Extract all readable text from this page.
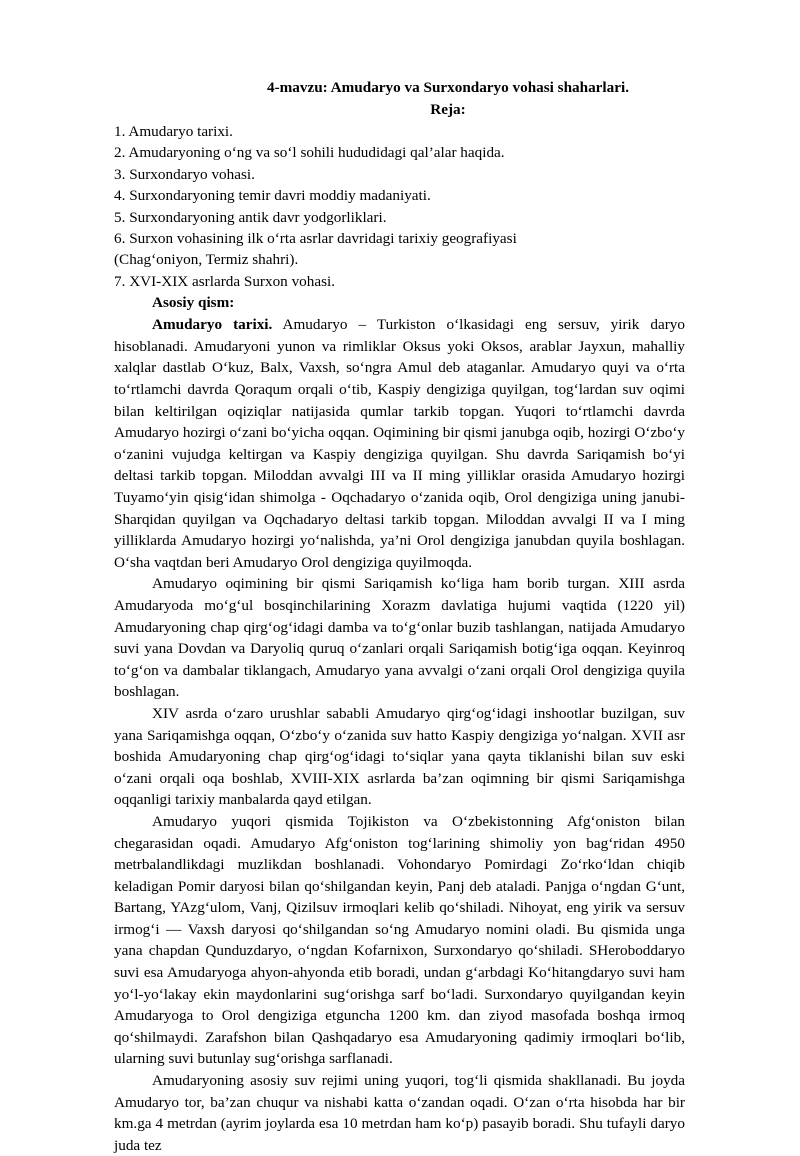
4-mavzu: Amudaryo va Surxondaryo vohasi shaharlari.
Reja:
1. Amudaryo tarixi.
2. Amudaryoning o‘ng va so‘l sohili hududidagi qal’alar haqida.
3. Surxondaryo vohasi.
4. Surxondaryoning temir davri moddiy madaniyati.
5. Surxondaryoning antik davr yodgorliklari.
6. Surxon vohasining ilk o‘rta asrlar davridagi tarixiy geografiyasi
(Chag‘oniyon, Termiz shahri).
7. XVI-XIX asrlarda Surxon vohasi.

Asosiy qism:

Amudaryo tarixi. Amudaryo – Turkiston o‘lkasidagi eng sersuv, yirik daryo hisoblanadi. Amudaryoni yunon va rimliklar Oksus yoki Oksos, arablar Jayxun, mahalliy xalqlar dastlab O‘kuz, Balx, Vaxsh, so‘ngra Amul deb ataganlar. Amudaryo quyi va o‘rta to‘rtlamchi davrda Qoraqum orqali o‘tib, Kaspiy dengiziga quyilgan, tog‘lardan suv oqimi bilan keltirilgan oqiziqlar natijasida qumlar tarkib topgan. Yuqori to‘rtlamchi davrda Amudaryo hozirgi o‘zani bo‘yicha oqqan. Oqimining bir qismi janubga oqib, hozirgi O‘zbo‘y o‘zanini vujudga keltirgan va Kaspiy dengiziga quyilgan. Shu davrda Sariqamish bo‘yi deltasi tarkib topgan. Miloddan avvalgi III va II ming yilliklar orasida Amudaryo hozirgi Tuyamo‘yin qisig‘idan shimolga - Oqchadaryo o‘zanida oqib, Orol dengiziga uning janubi-Sharqidan quyilgan va Oqchadaryo deltasi tarkib topgan. Miloddan avvalgi II va I ming yilliklarda Amudaryo hozirgi yo‘nalishda, ya’ni Orol dengiziga janubdan quyila boshlagan. O‘sha vaqtdan beri Amudaryo Orol dengiziga quyilmoqda.

Amudaryo oqimining bir qismi Sariqamish ko‘liga ham borib turgan. XIII asrda Amudaryoda mo‘g‘ul bosqinchilarining Xorazm davlatiga hujumi vaqtida (1220 yil) Amudaryoning chap qirg‘og‘idagi damba va to‘g‘onlar buzib tashlangan, natijada Amudaryo suvi yana Dovdan va Daryoliq quruq o‘zanlari orqali Sariqamish botig‘iga oqqan. Keyinroq to‘g‘on va dambalar tiklangach, Amudaryo yana avvalgi o‘zani orqali Orol dengiziga quyila boshlagan.

XIV asrda o‘zaro urushlar sababli Amudaryo qirg‘og‘idagi inshootlar buzilgan, suv yana Sariqamishga oqqan, O‘zbo‘y o‘zanida suv hatto Kaspiy dengiziga yo‘nalgan. XVII asr boshida Amudaryoning chap qirg‘og‘idagi to‘siqlar yana qayta tiklanishi bilan suv eski o‘zani orqali oqa boshlab, XVIII-XIX asrlarda ba’zan oqimning bir qismi Sariqamishga oqqanligi tarixiy manbalarda qayd etilgan.

Amudaryo yuqori qismida Tojikiston va O‘zbekistonning Afg‘oniston bilan chegarasidan oqadi. Amudaryo Afg‘oniston tog‘larining shimoliy yon bag‘ridan 4950 metrbalandlikdagi muzlikdan boshlanadi. Vohondaryo Pomirdagi Zo‘rko‘ldan chiqib keladigan Pomir daryosi bilan qo‘shilgandan keyin, Panj deb ataladi. Panjga o‘ngdan G‘unt, Bartang, YAzg‘ulom, Vanj, Qizilsuv irmoqlari kelib qo‘shiladi. Nihoyat, eng yirik va sersuv irmog‘i — Vaxsh daryosi qo‘shilgandan so‘ng Amudaryo nomini oladi. Bu qismida unga yana chapdan Qunduzdaryo, o‘ngdan Kofarnixon, Surxondaryo qo‘shiladi. SHeroboddaryo suvi esa Amudaryoga ahyon-ahyonda etib boradi, undan g‘arbdagi Ko‘hitangdaryo suvi ham yo‘l-yo‘lakay ekin maydonlarini sug‘orishga sarf bo‘ladi. Surxondaryo quyilgandan keyin Amudaryoga to Orol dengiziga etguncha 1200 km. dan ziyod masofada boshqa irmoq qo‘shilmaydi. Zarafshon bilan Qashqadaryo esa Amudaryoning qadimiy irmoqlari bo‘lib, ularning suvi butunlay sug‘orishga sarflanadi.

Amudaryoning asosiy suv rejimi uning yuqori, tog‘li qismida shakllanadi. Bu joyda Amudaryo tor, ba’zan chuqur va nishabi katta o‘zandan oqadi. O‘zan o‘rta hisobda har bir km.ga 4 metrdan (ayrim joylarda esa 10 metrdan ham ko‘p) pasayib boradi. Shu tufayli daryo juda tez
